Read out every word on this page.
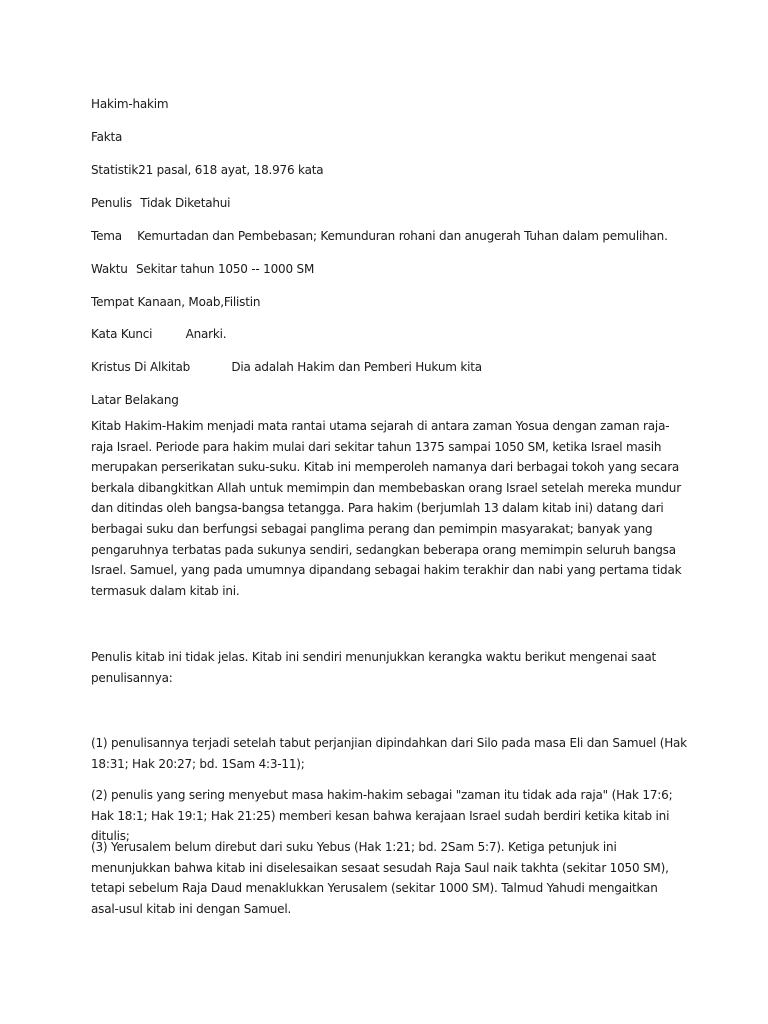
Hakim-hakim
Fakta
Statistik21 pasal, 618 ayat, 18.976 kata
Penulis Tidak Diketahui
Tema Kemurtadan dan Pembebasan; Kemunduran rohani dan anugerah Tuhan dalam pemulihan.
Waktu Sekitar tahun 1050 -- 1000 SM
Tempat Kanaan, Moab,Filistin
Kata Kunci	Anarki.
Kristus Di Alkitab	Dia adalah Hakim dan Pemberi Hukum kita
Latar Belakang
Kitab Hakim-Hakim menjadi mata rantai utama sejarah di antara zaman Yosua dengan zaman raja-raja Israel. Periode para hakim mulai dari sekitar tahun 1375 sampai 1050 SM, ketika Israel masih merupakan perserikatan suku-suku. Kitab ini memperoleh namanya dari berbagai tokoh yang secara berkala dibangkitkan Allah untuk memimpin dan membebaskan orang Israel setelah mereka mundur dan ditindas oleh bangsa-bangsa tetangga. Para hakim (berjumlah 13 dalam kitab ini) datang dari berbagai suku dan berfungsi sebagai panglima perang dan pemimpin masyarakat; banyak yang pengaruhnya terbatas pada sukunya sendiri, sedangkan beberapa orang memimpin seluruh bangsa Israel. Samuel, yang pada umumnya dipandang sebagai hakim terakhir dan nabi yang pertama tidak termasuk dalam kitab ini.
Penulis kitab ini tidak jelas. Kitab ini sendiri menunjukkan kerangka waktu berikut mengenai saat penulisannya:
(1) penulisannya terjadi setelah tabut perjanjian dipindahkan dari Silo pada masa Eli dan Samuel (Hak 18:31; Hak 20:27; bd. 1Sam 4:3-11);
(2) penulis yang sering menyebut masa hakim-hakim sebagai "zaman itu tidak ada raja" (Hak 17:6; Hak 18:1; Hak 19:1; Hak 21:25) memberi kesan bahwa kerajaan Israel sudah berdiri ketika kitab ini ditulis;
(3) Yerusalem belum direbut dari suku Yebus (Hak 1:21; bd. 2Sam 5:7). Ketiga petunjuk ini menunjukkan bahwa kitab ini diselesaikan sesaat sesudah Raja Saul naik takhta (sekitar 1050 SM), tetapi sebelum Raja Daud menaklukkan Yerusalem (sekitar 1000 SM). Talmud Yahudi mengaitkan asal-usul kitab ini dengan Samuel.
